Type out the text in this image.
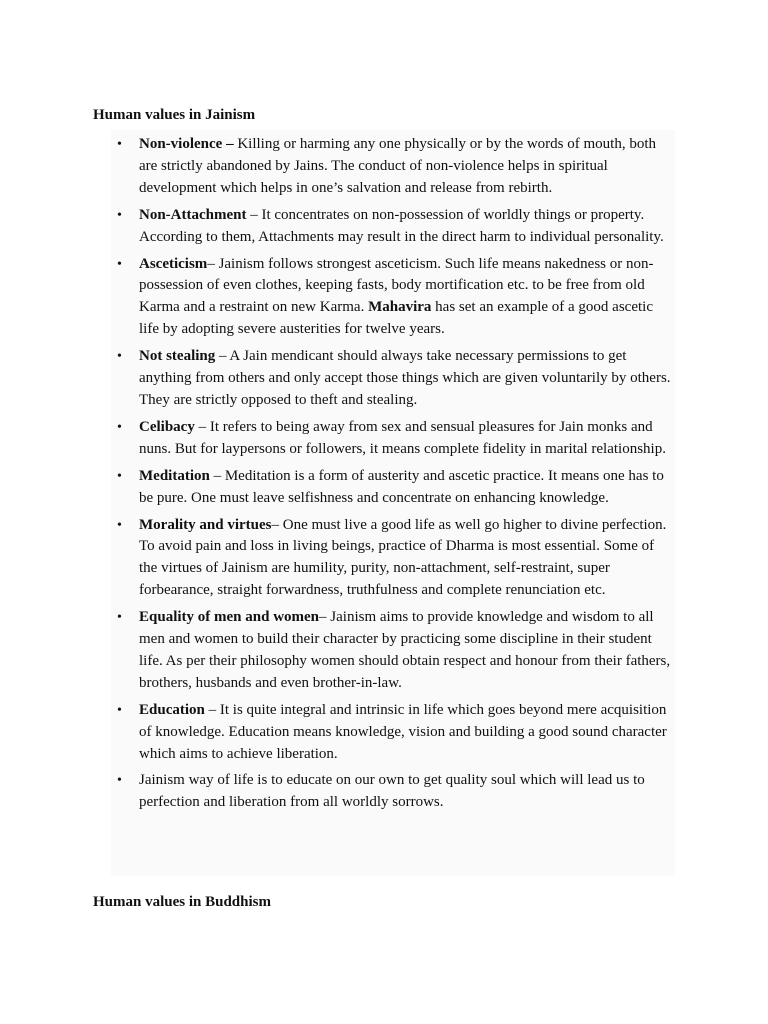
Human values in Jainism
• Non-violence – Killing or harming any one physically or by the words of mouth, both are strictly abandoned by Jains. The conduct of non-violence helps in spiritual development which helps in one’s salvation and release from rebirth.
• Non-Attachment – It concentrates on non-possession of worldly things or property. According to them, Attachments may result in the direct harm to individual personality.
• Asceticism– Jainism follows strongest asceticism. Such life means nakedness or non-possession of even clothes, keeping fasts, body mortification etc. to be free from old Karma and a restraint on new Karma. Mahavira has set an example of a good ascetic life by adopting severe austerities for twelve years.
• Not stealing – A Jain mendicant should always take necessary permissions to get anything from others and only accept those things which are given voluntarily by others. They are strictly opposed to theft and stealing.
• Celibacy – It refers to being away from sex and sensual pleasures for Jain monks and nuns. But for laypersons or followers, it means complete fidelity in marital relationship.
• Meditation – Meditation is a form of austerity and ascetic practice. It means one has to be pure. One must leave selfishness and concentrate on enhancing knowledge.
• Morality and virtues– One must live a good life as well go higher to divine perfection. To avoid pain and loss in living beings, practice of Dharma is most essential. Some of the virtues of Jainism are humility, purity, non-attachment, self-restraint, super forbearance, straight forwardness, truthfulness and complete renunciation etc.
• Equality of men and women– Jainism aims to provide knowledge and wisdom to all men and women to build their character by practicing some discipline in their student life. As per their philosophy women should obtain respect and honour from their fathers, brothers, husbands and even brother-in-law.
• Education – It is quite integral and intrinsic in life which goes beyond mere acquisition of knowledge. Education means knowledge, vision and building a good sound character which aims to achieve liberation.
• Jainism way of life is to educate on our own to get quality soul which will lead us to perfection and liberation from all worldly sorrows.
Human values in Buddhism
